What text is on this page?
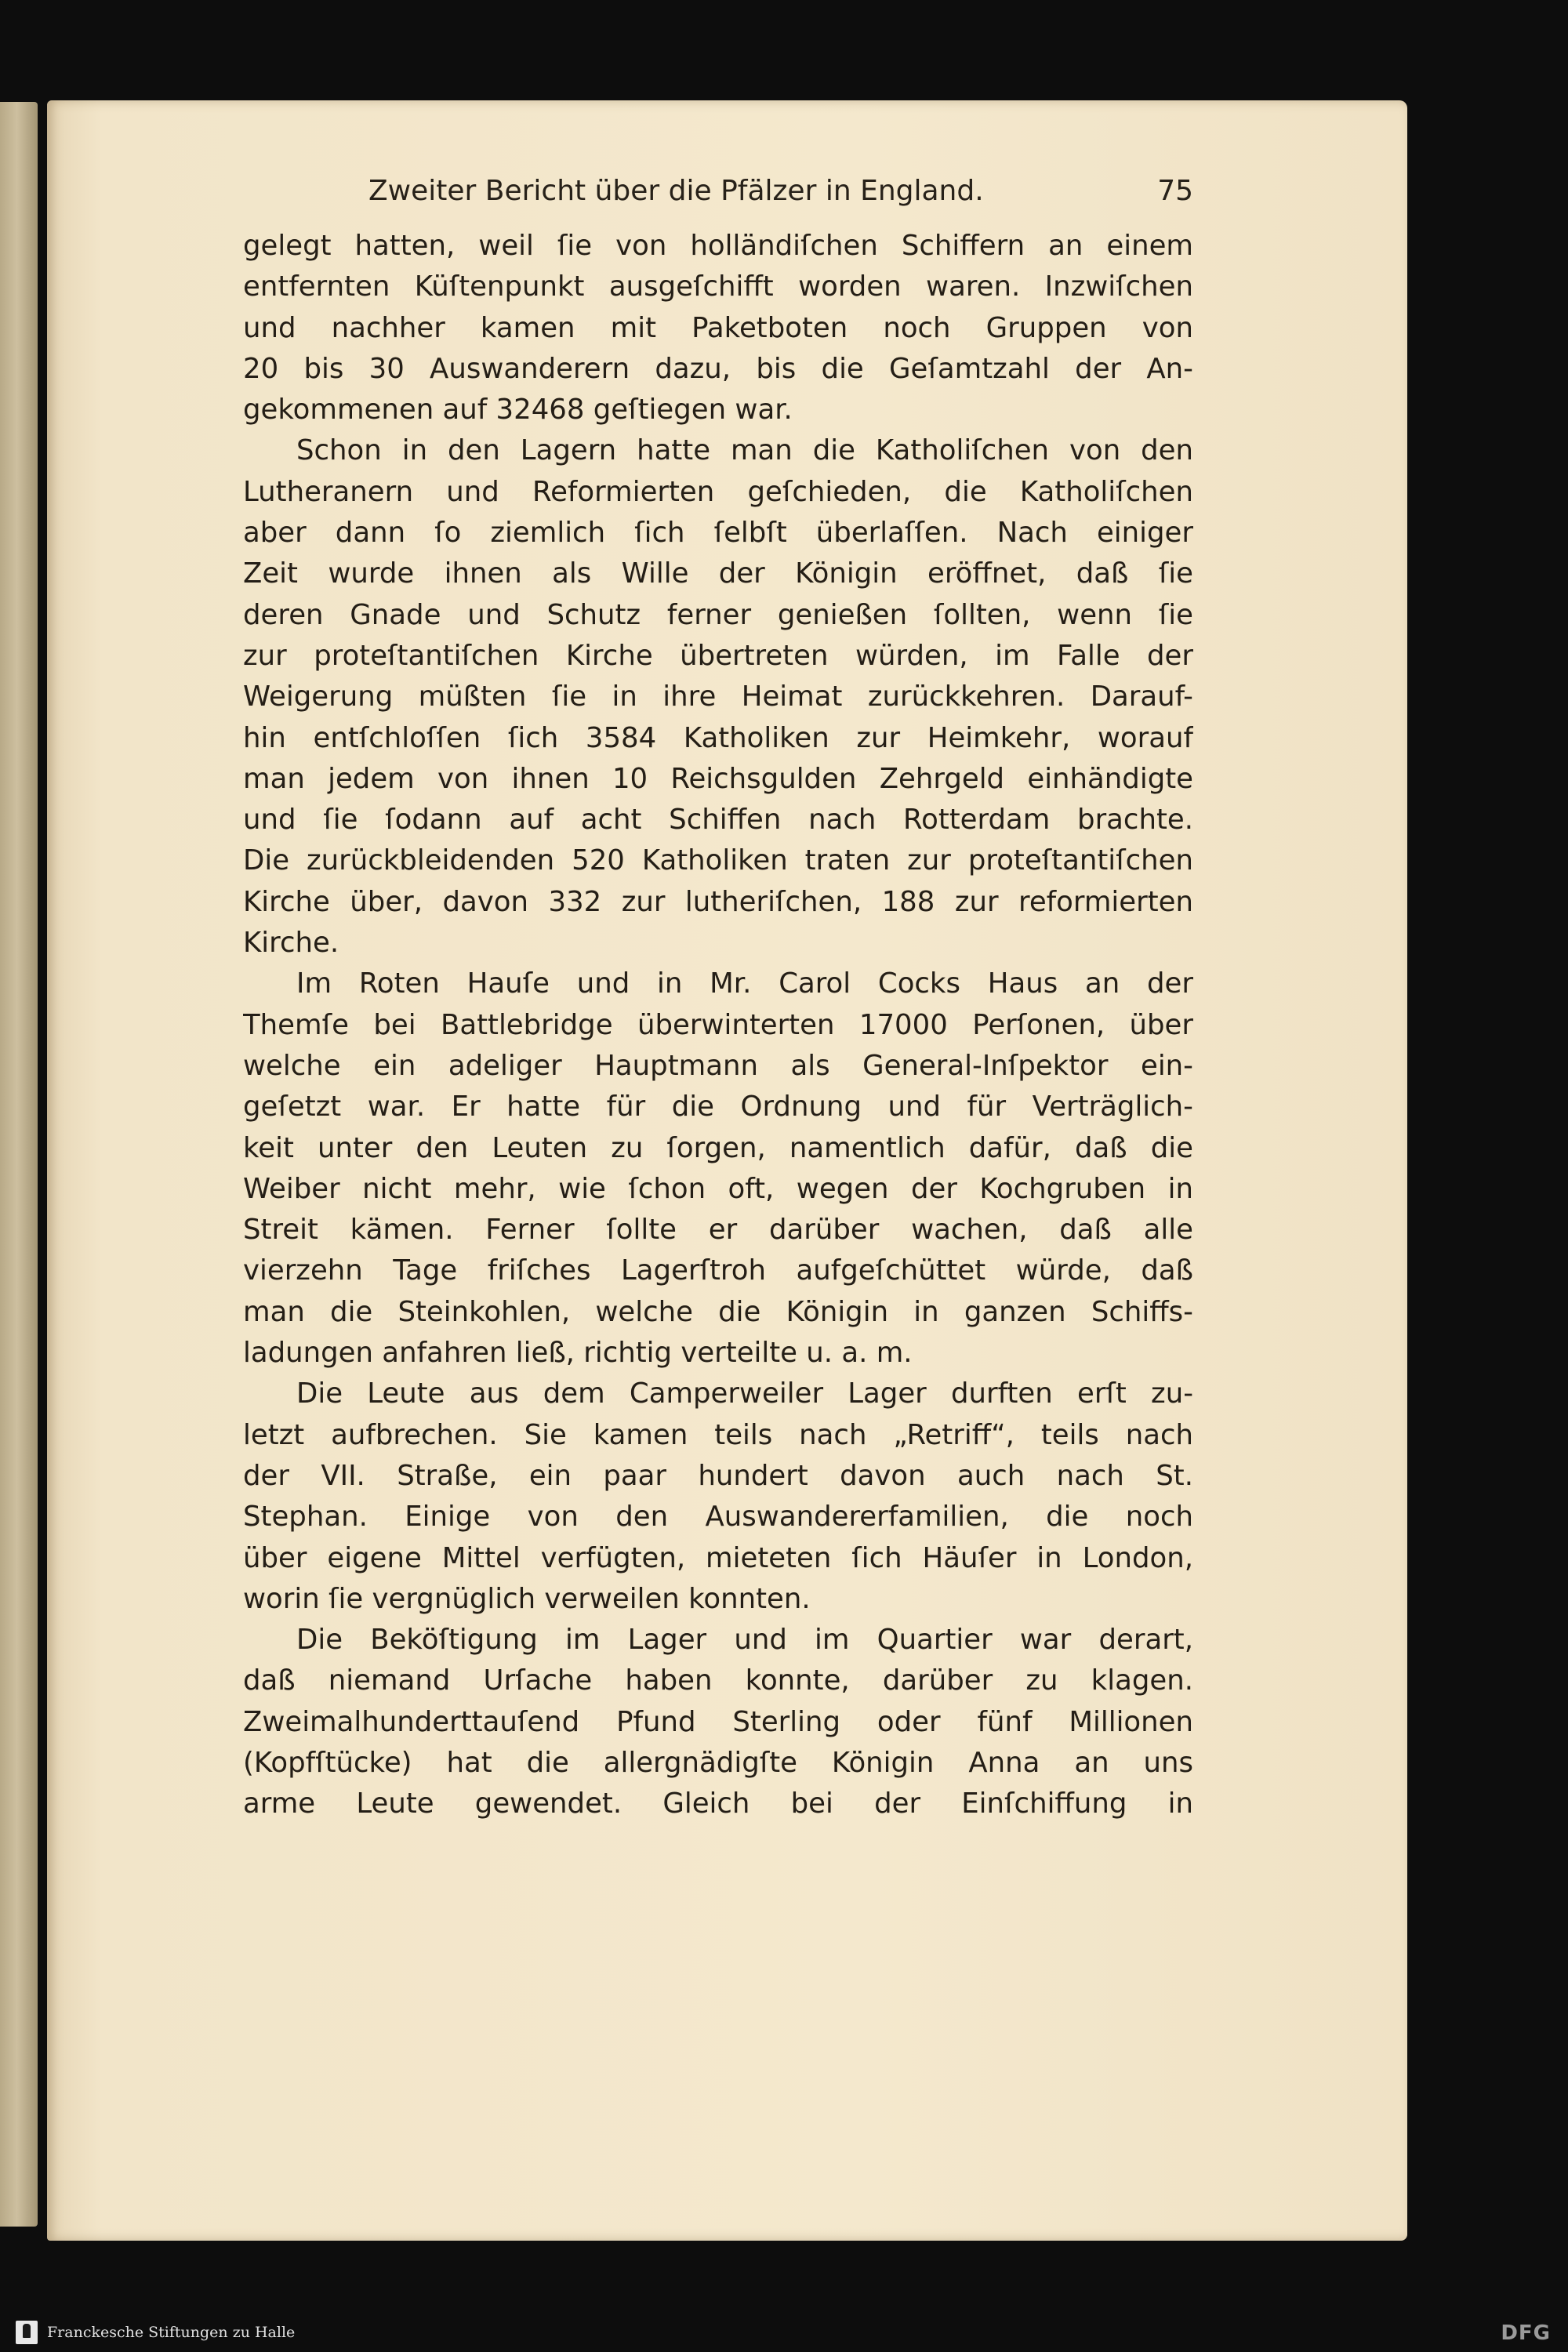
Zweiter Bericht über die Pfälzer in England.	75
gelegt hatten, weil ſie von holländiſchen Schiffern an einem
entfernten Küſtenpunkt ausgeſchifft worden waren. Inzwiſchen
und nachher kamen mit Paketboten noch Gruppen von
20 bis 30 Auswanderern dazu, bis die Geſamtzahl der An-
gekommenen auf 32468 geſtiegen war.
Schon in den Lagern hatte man die Katholiſchen von den
Lutheranern und Reformierten geſchieden, die Katholiſchen
aber dann ſo ziemlich ſich ſelbſt überlaſſen. Nach einiger
Zeit wurde ihnen als Wille der Königin eröffnet, daß ſie
deren Gnade und Schutz ferner genießen ſollten, wenn ſie
zur proteſtantiſchen Kirche übertreten würden, im Falle der
Weigerung müßten ſie in ihre Heimat zurückkehren. Darauf-
hin entſchloſſen ſich 3584 Katholiken zur Heimkehr, worauf
man jedem von ihnen 10 Reichsgulden Zehrgeld einhändigte
und ſie ſodann auf acht Schiffen nach Rotterdam brachte.
Die zurückbleidenden 520 Katholiken traten zur proteſtantiſchen
Kirche über, davon 332 zur lutheriſchen, 188 zur reformierten
Kirche.
Im Roten Hauſe und in Mr. Carol Cocks Haus an der
Themſe bei Battlebridge überwinterten 17000 Perſonen, über
welche ein adeliger Hauptmann als General-Inſpektor ein-
geſetzt war. Er hatte für die Ordnung und für Verträglich-
keit unter den Leuten zu ſorgen, namentlich dafür, daß die
Weiber nicht mehr, wie ſchon oft, wegen der Kochgruben in
Streit kämen. Ferner ſollte er darüber wachen, daß alle
vierzehn Tage friſches Lagerſtroh aufgeſchüttet würde, daß
man die Steinkohlen, welche die Königin in ganzen Schiffs-
ladungen anfahren ließ, richtig verteilte u. a. m.
Die Leute aus dem Camperweiler Lager durften erſt zu-
letzt aufbrechen. Sie kamen teils nach „Retriff“, teils nach
der VII. Straße, ein paar hundert davon auch nach St.
Stephan. Einige von den Auswandererfamilien, die noch
über eigene Mittel verfügten, mieteten ſich Häuſer in London,
worin ſie vergnüglich verweilen konnten.
Die Beköſtigung im Lager und im Quartier war derart,
daß niemand Urſache haben konnte, darüber zu klagen.
Zweimalhunderttauſend Pfund Sterling oder fünf Millionen
(Kopfſtücke) hat die allergnädigſte Königin Anna an uns
arme Leute gewendet. Gleich bei der Einſchiffung in
Franckesche Stiftungen zu Halle	DFG
